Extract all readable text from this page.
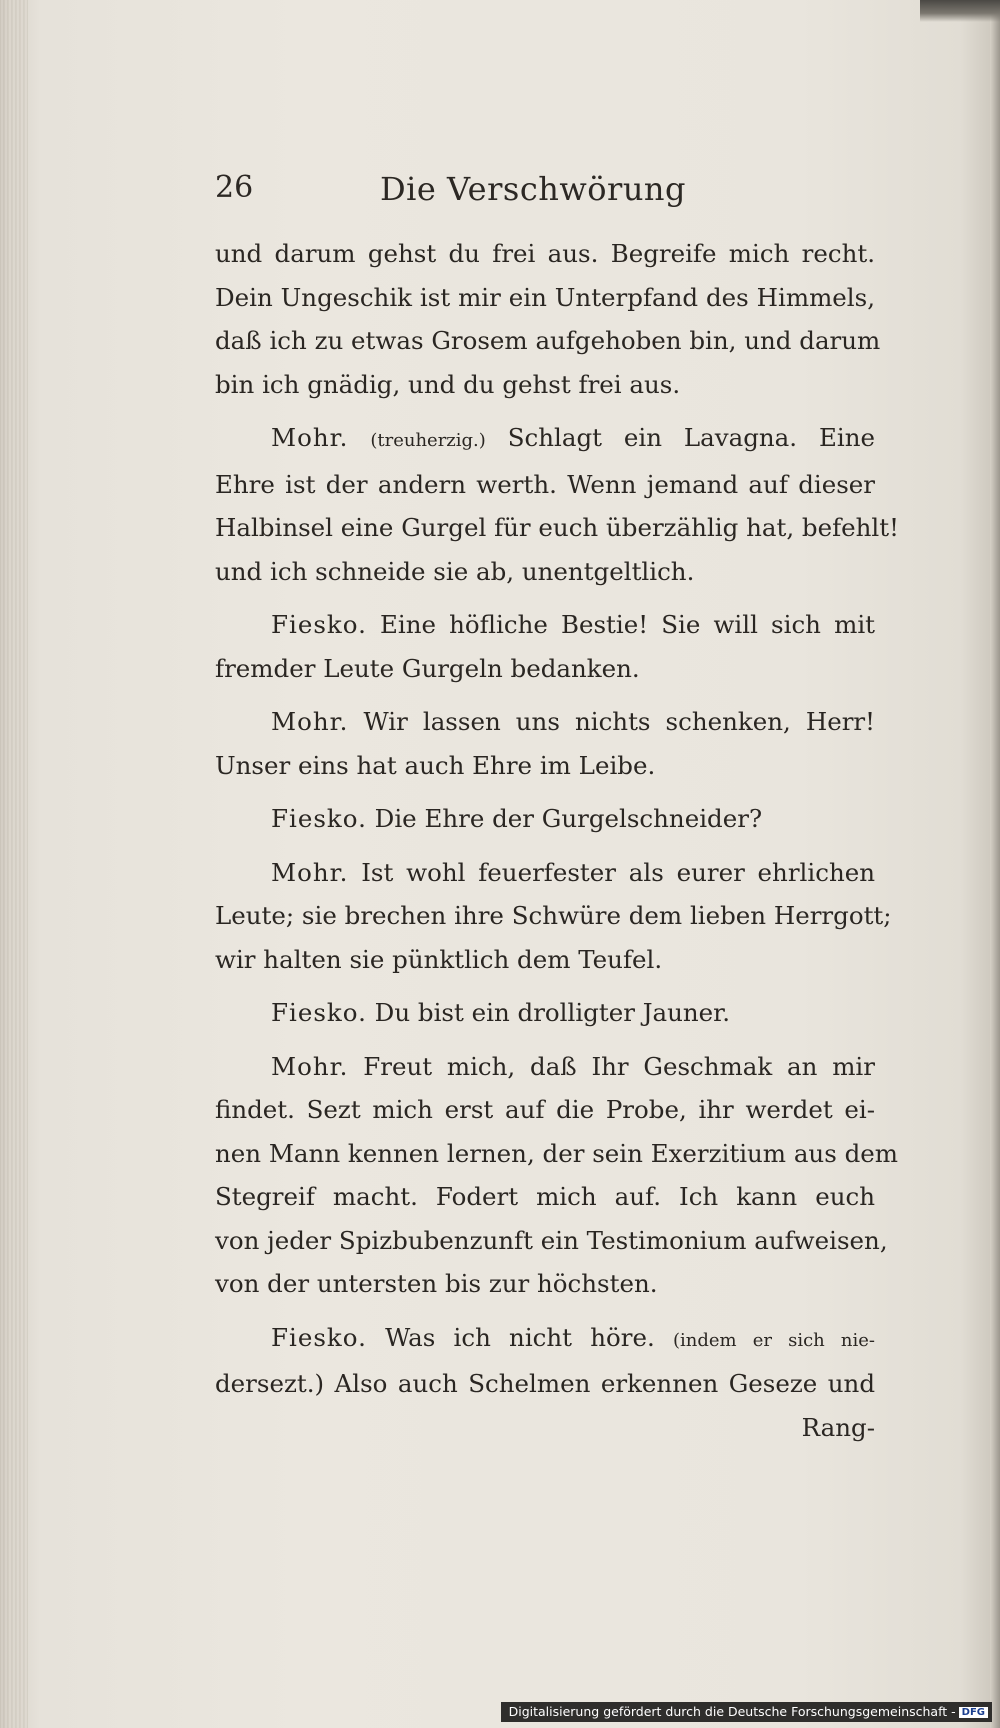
26	Die Verschwörung
und darum gehst du frei aus. Begreife mich recht.
Dein Ungeschik ist mir ein Unterpfand des Himmels,
daß ich zu etwas Grosem aufgehoben bin, und darum
bin ich gnädig, und du gehst frei aus.
Mohr. (treuherzig.) Schlagt ein Lavagna. Eine
Ehre ist der andern werth. Wenn jemand auf dieser
Halbinsel eine Gurgel für euch überzählig hat, befehlt!
und ich schneide sie ab, unentgeltlich.
Fiesko. Eine höfliche Bestie! Sie will sich mit
fremder Leute Gurgeln bedanken.
Mohr. Wir lassen uns nichts schenken, Herr!
Unser eins hat auch Ehre im Leibe.
Fiesko. Die Ehre der Gurgelschneider?
Mohr. Ist wohl feuerfester als eurer ehrlichen
Leute; sie brechen ihre Schwüre dem lieben Herrgott;
wir halten sie pünktlich dem Teufel.
Fiesko. Du bist ein drolligter Jauner.
Mohr. Freut mich, daß Ihr Geschmak an mir
findet. Sezt mich erst auf die Probe, ihr werdet ei-
nen Mann kennen lernen, der sein Exerzitium aus dem
Stegreif macht. Fodert mich auf. Ich kann euch
von jeder Spizbubenzunft ein Testimonium aufweisen,
von der untersten bis zur höchsten.
Fiesko. Was ich nicht höre. (indem er sich nie-
dersezt.) Also auch Schelmen erkennen Geseze und
Rang-
Digitalisierung gefördert durch die Deutsche Forschungsgemeinschaft - DFG
